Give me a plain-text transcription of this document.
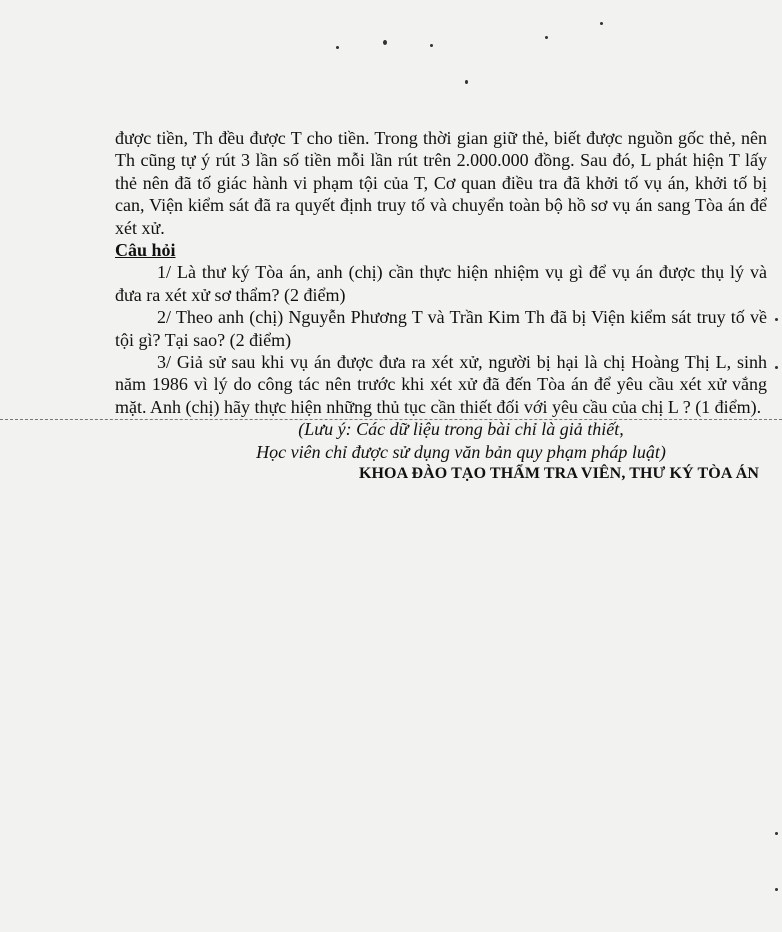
được tiền, Th đều được T cho tiền. Trong thời gian giữ thẻ, biết được nguồn gốc thẻ, nên Th cũng tự ý rút 3 lần số tiền mỗi lần rút trên 2.000.000 đồng. Sau đó, L phát hiện T lấy thẻ nên đã tố giác hành vi phạm tội của T, Cơ quan điều tra đã khởi tố vụ án, khởi tố bị can, Viện kiểm sát đã ra quyết định truy tố và chuyển toàn bộ hồ sơ vụ án sang Tòa án để xét xử.

Câu hỏi

1/ Là thư ký Tòa án, anh (chị) cần thực hiện nhiệm vụ gì để vụ án được thụ lý và đưa ra xét xử sơ thẩm? (2 điểm)

2/ Theo anh (chị) Nguyễn Phương T và Trần Kim Th đã bị Viện kiểm sát truy tố về tội gì? Tại sao? (2 điểm)

3/ Giả sử sau khi vụ án được đưa ra xét xử, người bị hại là chị Hoàng Thị L, sinh năm 1986 vì lý do công tác nên trước khi xét xử đã đến Tòa án để yêu cầu xét xử vắng mặt. Anh (chị) hãy thực hiện những thủ tục cần thiết đối với yêu cầu của chị L ? (1 điểm).

(Lưu ý: Các dữ liệu trong bài chỉ là giả thiết,

Học viên chỉ được sử dụng văn bản quy phạm pháp luật)

KHOA ĐÀO TẠO THẨM TRA VIÊN, THƯ KÝ TÒA ÁN
